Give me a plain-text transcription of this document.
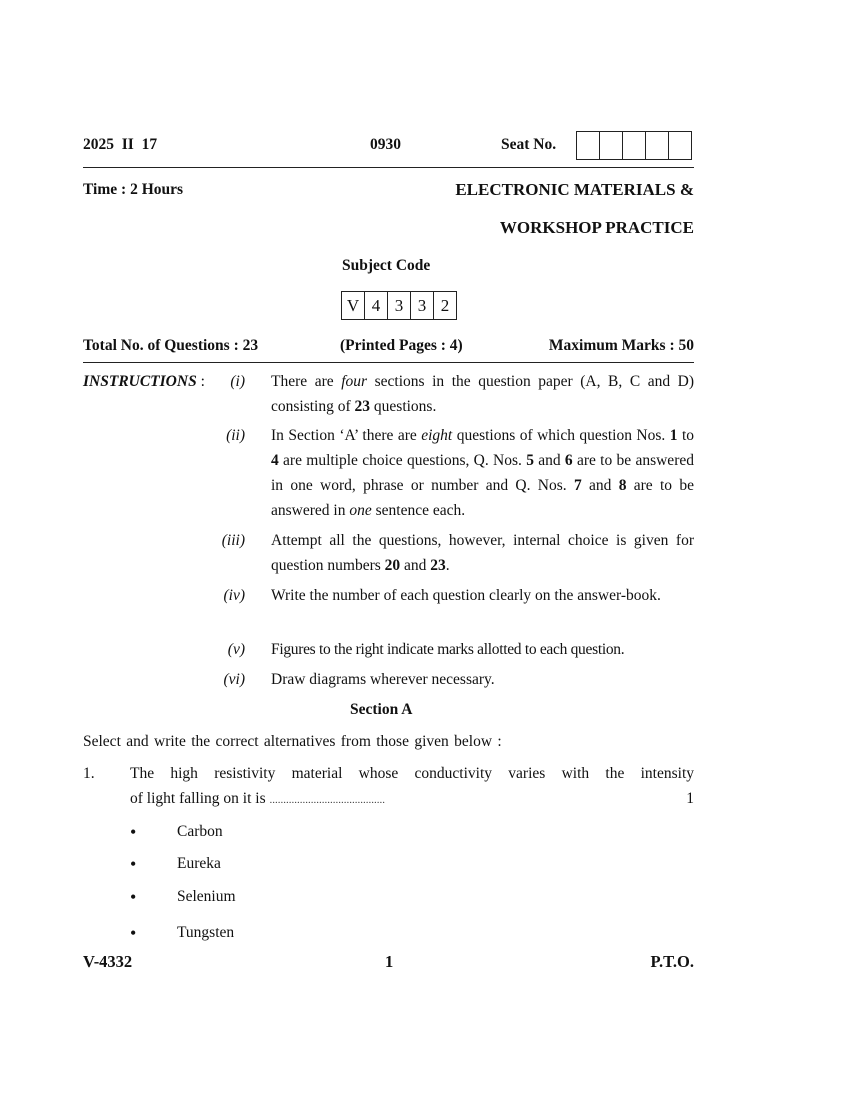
2025  II  17	0930	Seat No.
Time : 2 Hours	ELECTRONIC MATERIALS &
WORKSHOP PRACTICE
Subject Code
V 4 3 3 2
Total No. of Questions : 23	(Printed Pages : 4)	Maximum Marks : 50
INSTRUCTIONS :	(i) There are four sections in the question paper (A, B, C and D) consisting of 23 questions.
(ii) In Section ‘A’ there are eight questions of which question Nos. 1 to 4 are multiple choice questions, Q. Nos. 5 and 6 are to be answered in one word, phrase or number and Q. Nos. 7 and 8 are to be answered in one sentence each.
(iii) Attempt all the questions, however, internal choice is given for question numbers 20 and 23.
(iv) Write the number of each question clearly on the answer-book.
(v) Figures to the right indicate marks allotted to each question.
(vi) Draw diagrams wherever necessary.
Section A
Select and write the correct alternatives from those given below :
1. The high resistivity material whose conductivity varies with the intensity
of light falling on it is ..........................................	1
•	Carbon
•	Eureka
•	Selenium
•	Tungsten
V-4332	1	P.T.O.
